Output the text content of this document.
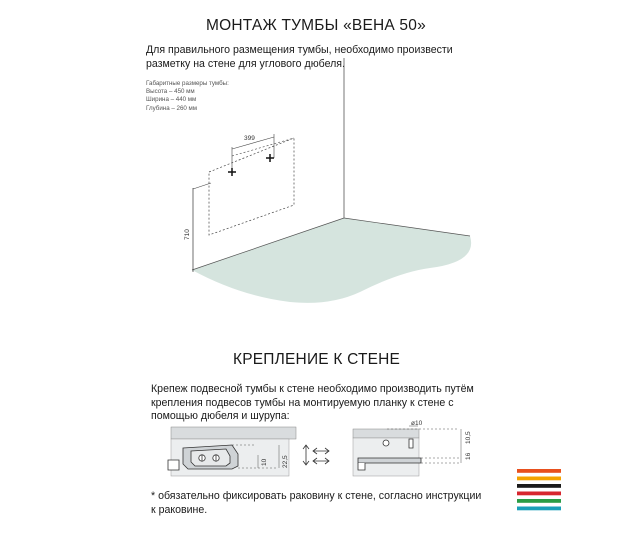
МОНТАЖ ТУМБЫ «ВЕНА 50»
Для правильного размещения тумбы, необходимо произвести
разметку на стене для углового дюбеля.
Габаритные размеры тумбы:
Высота – 450 мм
Ширина – 440 мм
Глубина – 260 мм
399
710
КРЕПЛЕНИЕ К СТЕНЕ
Крепеж подвесной тумбы к стене необходимо производить путём
крепления подвесов тумбы на монтируемую планку к стене с
помощью дюбеля и шурупа:
10 22,5
ø10
10,5
16
* обязательно фиксировать раковину к стене, согласно инструкции
к раковине.
